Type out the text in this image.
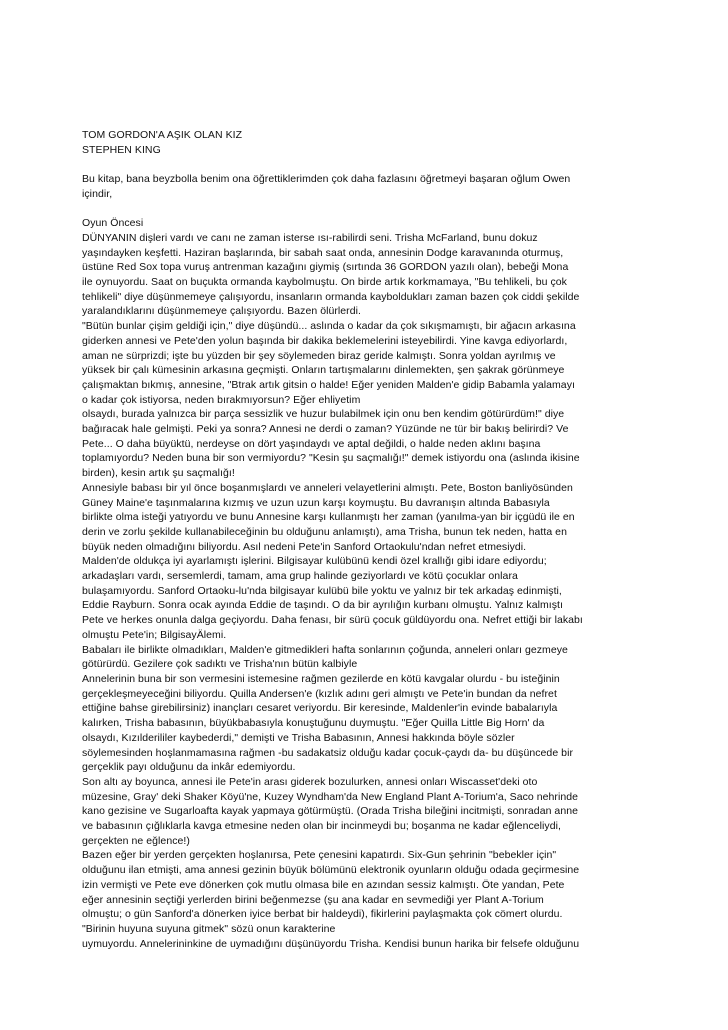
TOM GORDON'A AŞIK OLAN KIZ
STEPHEN KING
Bu kitap, bana beyzbolla benim ona öğrettiklerimden çok daha fazlasını öğretmeyi başaran oğlum Owen
içindir,
Oyun Öncesi
DÜNYANIN dişleri vardı ve canı ne zaman isterse ısı-rabilirdi seni. Trisha McFarland, bunu dokuz
yaşındayken keşfetti. Haziran başlarında, bir sabah saat onda, annesinin Dodge karavanında oturmuş,
üstüne Red Sox topa vuruş antrenman kazağını giymiş (sırtında 36 GORDON yazılı olan), bebeği Mona
ile oynuyordu. Saat on buçukta ormanda kaybolmuştu. On birde artık korkmamaya, "Bu tehlikeli, bu çok
tehlikeli" diye düşünmemeye çalışıyordu, insanların ormanda kayboldukları zaman bazen çok ciddi şekilde
yaralandıklarını düşünmemeye çalışıyordu. Bazen ölürlerdi.
"Bütün bunlar çişim geldiği için," diye düşündü... aslında o kadar da çok sıkışmamıştı, bir ağacın arkasına
giderken annesi ve Pete'den yolun başında bir dakika beklemelerini isteyebilirdi. Yine kavga ediyorlardı,
aman ne sürprizdi; işte bu yüzden bir şey söylemeden biraz geride kalmıştı. Sonra yoldan ayrılmış ve
yüksek bir çalı kümesinin arkasına geçmişti. Onların tartışmalarını dinlemekten, şen şakrak görünmeye
çalışmaktan bıkmış, annesine, "Btrak artık gitsin o halde! Eğer yeniden Malden'e gidip Babamla yalamayı
o kadar çok istiyorsa, neden bırakmıyorsun? Eğer ehliyetim
olsaydı, burada yalnızca bir parça sessizlik ve huzur bulabilmek için onu ben kendim götürürdüm!" diye
bağıracak hale gelmişti. Peki ya sonra? Annesi ne derdi o zaman? Yüzünde ne tür bir bakış belirirdi? Ve
Pete... O daha büyüktü, nerdeyse on dört yaşındaydı ve aptal değildi, o halde neden aklını başına
toplamıyordu? Neden buna bir son vermiyordu? "Kesin şu saçmalığı!" demek istiyordu ona (aslında ikisine
birden), kesin artık şu saçmalığı!
Annesiyle babası bir yıl önce boşanmışlardı ve anneleri velayetlerini almıştı. Pete, Boston banliyösünden
Güney Maine'e taşınmalarına kızmış ve uzun uzun karşı koymuştu. Bu davranışın altında Babasıyla
birlikte olma isteği yatıyordu ve bunu Annesine karşı kullanmıştı her zaman (yanılma-yan bir içgüdü ile en
derin ve zorlu şekilde kullanabileceğinin bu olduğunu anlamıştı), ama Trisha, bunun tek neden, hatta en
büyük neden olmadığını biliyordu. Asıl nedeni Pete'in Sanford Ortaokulu'ndan nefret etmesiydi.
Malden'de oldukça iyi ayarlamıştı işlerini. Bilgisayar kulübünü kendi özel krallığı gibi idare ediyordu;
arkadaşları vardı, sersemlerdi, tamam, ama grup halinde geziyorlardı ve kötü çocuklar onlara
bulaşamıyordu. Sanford Ortaoku-lu'nda bilgisayar kulübü bile yoktu ve yalnız bir tek arkadaş edinmişti,
Eddie Rayburn. Sonra ocak ayında Eddie de taşındı. O da bir ayrılığın kurbanı olmuştu. Yalnız kalmıştı
Pete ve herkes onunla dalga geçiyordu. Daha fenası, bir sürü çocuk güldüyordu ona. Nefret ettiği bir lakabı
olmuştu Pete'in; BilgisayÄlemi.
Babaları ile birlikte olmadıkları, Malden'e gitmedikleri hafta sonlarının çoğunda, anneleri onları gezmeye
götürürdü. Gezilere çok sadıktı ve Trisha'nın bütün kalbiyle
Annelerinin buna bir son vermesini istemesine rağmen gezilerde en kötü kavgalar olurdu - bu isteğinin
gerçekleşmeyeceğini biliyordu. Quilla Andersen'e (kızlık adını geri almıştı ve Pete'in bundan da nefret
ettiğine bahse girebilirsiniz) inançları cesaret veriyordu. Bir keresinde, Maldenler'in evinde babalarıyla
kalırken, Trisha babasının, büyükbabasıyla konuştuğunu duymuştu. "Eğer Quilla Little Big Horn' da
olsaydı, Kızılderililer kaybederdi," demişti ve Trisha Babasının, Annesi hakkında böyle sözler
söylemesinden hoşlanmamasına rağmen -bu sadakatsiz olduğu kadar çocuk-çaydı da- bu düşüncede bir
gerçeklik payı olduğunu da inkâr edemiyordu.
Son altı ay boyunca, annesi ile Pete'in arası giderek bozulurken, annesi onları Wiscasset'deki oto
müzesine, Gray' deki Shaker Köyü'ne, Kuzey Wyndham'da New England Plant A-Torium'a, Saco nehrinde
kano gezisine ve Sugarloafta kayak yapmaya götürmüştü. (Orada Trisha bileğini incitmişti, sonradan anne
ve babasının çığlıklarla kavga etmesine neden olan bir incinmeydi bu; boşanma ne kadar eğlenceliydi,
gerçekten ne eğlence!)
Bazen eğer bir yerden gerçekten hoşlanırsa, Pete çenesini kapatırdı. Six-Gun şehrinin "bebekler için"
olduğunu ilan etmişti, ama annesi gezinin büyük bölümünü elektronik oyunların olduğu odada geçirmesine
izin vermişti ve Pete eve dönerken çok mutlu olmasa bile en azından sessiz kalmıştı. Öte yandan, Pete
eğer annesinin seçtiği yerlerden birini beğenmezse (şu ana kadar en sevmediği yer Plant A-Torium
olmuştu; o gün Sanford'a dönerken iyice berbat bir haldeydi), fikirlerini paylaşmakta çok cömert olurdu.
"Birinin huyuna suyuna gitmek" sözü onun karakterine
uymuyordu. Annelerininkine de uymadığını düşünüyordu Trisha. Kendisi bunun harika bir felsefe olduğunu
